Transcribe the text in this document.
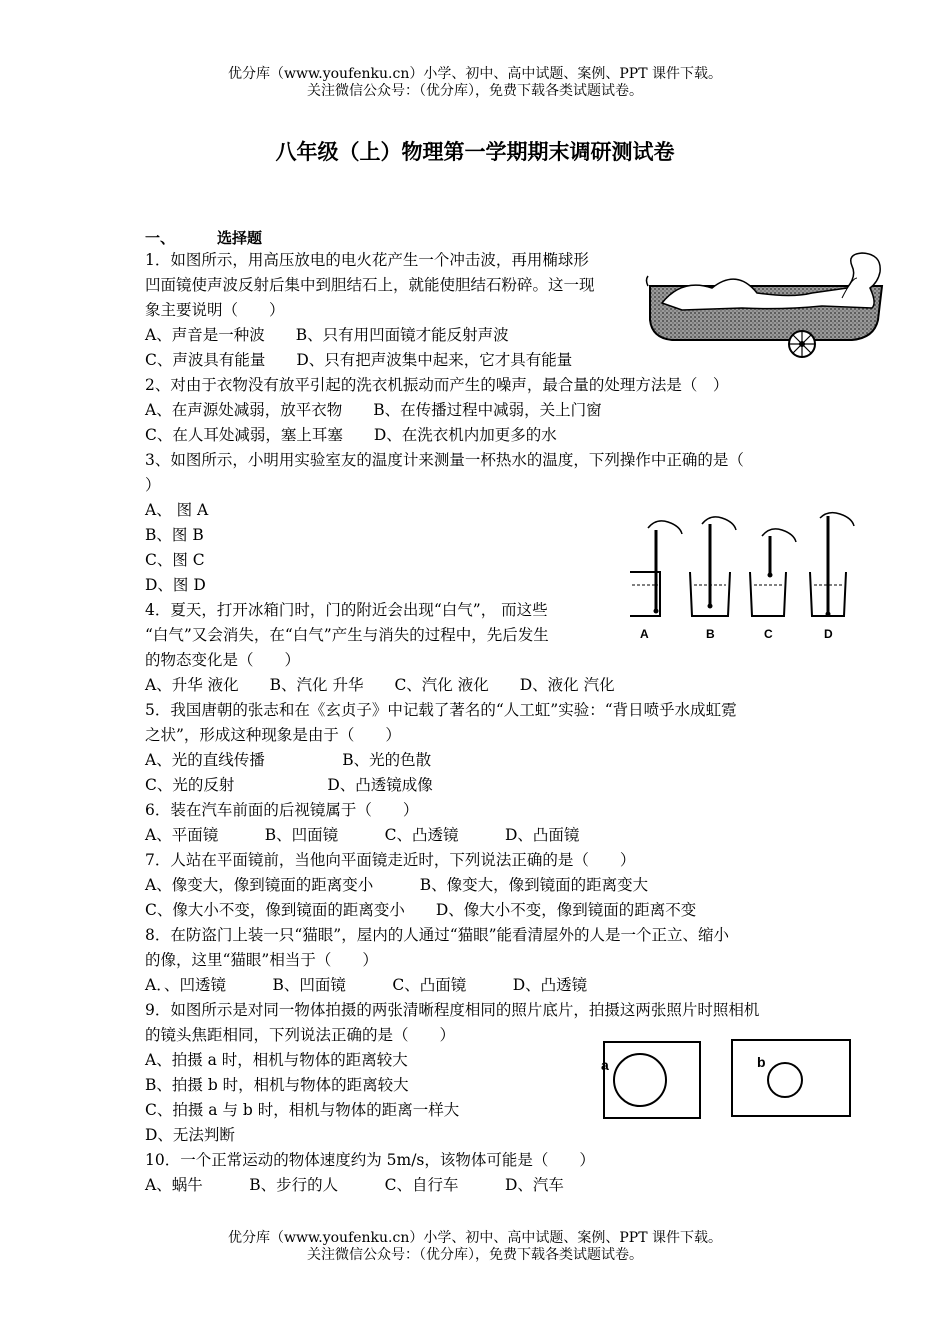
优分库（www.youfenku.cn）小学、初中、高中试题、案例、PPT 课件下载。
关注微信公众号：（优分库），免费下载各类试题试卷。
八年级（上）物理第一学期期末调研测试卷
一、	选择题
1．如图所示，用高压放电的电火花产生一个冲击波，再用椭球形
凹面镜使声波反射后集中到胆结石上，就能使胆结石粉碎。这一现
象主要说明（　　）
A、声音是一种波　　B、只有用凹面镜才能反射声波
C、声波具有能量　　D、只有把声波集中起来，它才具有能量
2、对由于衣物没有放平引起的洗衣机振动而产生的噪声，最合量的处理方法是（　）
A、在声源处减弱，放平衣物　　B、在传播过程中减弱，关上门窗
C、在人耳处减弱，塞上耳塞　　D、在洗衣机内加更多的水
3、如图所示，小明用实验室友的温度计来测量一杯热水的温度，下列操作中正确的是（
）
A、 图 A
B、图 B
C、图 C
D、图 D
4．夏天，打开冰箱门时，门的附近会出现“白气”， 而这些
“白气”又会消失，在“白气”产生与消失的过程中，先后发生
的物态变化是（　　）
A、升华 液化　　B、汽化 升华　　C、汽化 液化　　D、液化 汽化
5．我国唐朝的张志和在《玄贞子》中记载了著名的“人工虹”实验：“背日喷乎水成虹霓
之状”，形成这种现象是由于（　　）
A、光的直线传播　　　　　B、光的色散
C、光的反射　　　　　　D、凸透镜成像
6．装在汽车前面的后视镜属于（　　）
A、平面镜　　　B、凹面镜　　　C、凸透镜　　　D、凸面镜
7．人站在平面镜前，当他向平面镜走近时，下列说法正确的是（　　）
A、像变大，像到镜面的距离变小　　　B、像变大，像到镜面的距离变大
C、像大小不变，像到镜面的距离变小　　D、像大小不变，像到镜面的距离不变
8．在防盗门上装一只“猫眼”，屋内的人通过“猫眼”能看清屋外的人是一个正立、缩小
的像，这里“猫眼”相当于（　　）
A．、凹透镜　　　B、凹面镜　　　C、凸面镜　　　D、凸透镜
9．如图所示是对同一物体拍摄的两张清晰程度相同的照片底片，拍摄这两张照片时照相机
的镜头焦距相同，下列说法正确的是（　　）
A、拍摄 a 时，相机与物体的距离较大
B、拍摄 b 时，相机与物体的距离较大
C、拍摄 a 与 b 时，相机与物体的距离一样大
D、无法判断
10．一个正常运动的物体速度约为 5m/s，该物体可能是（　　）
A、蜗牛　　　B、步行的人　　　C、自行车　　　D、汽车
A	B	C	D
a	b
优分库（www.youfenku.cn）小学、初中、高中试题、案例、PPT 课件下载。
关注微信公众号：（优分库），免费下载各类试题试卷。
